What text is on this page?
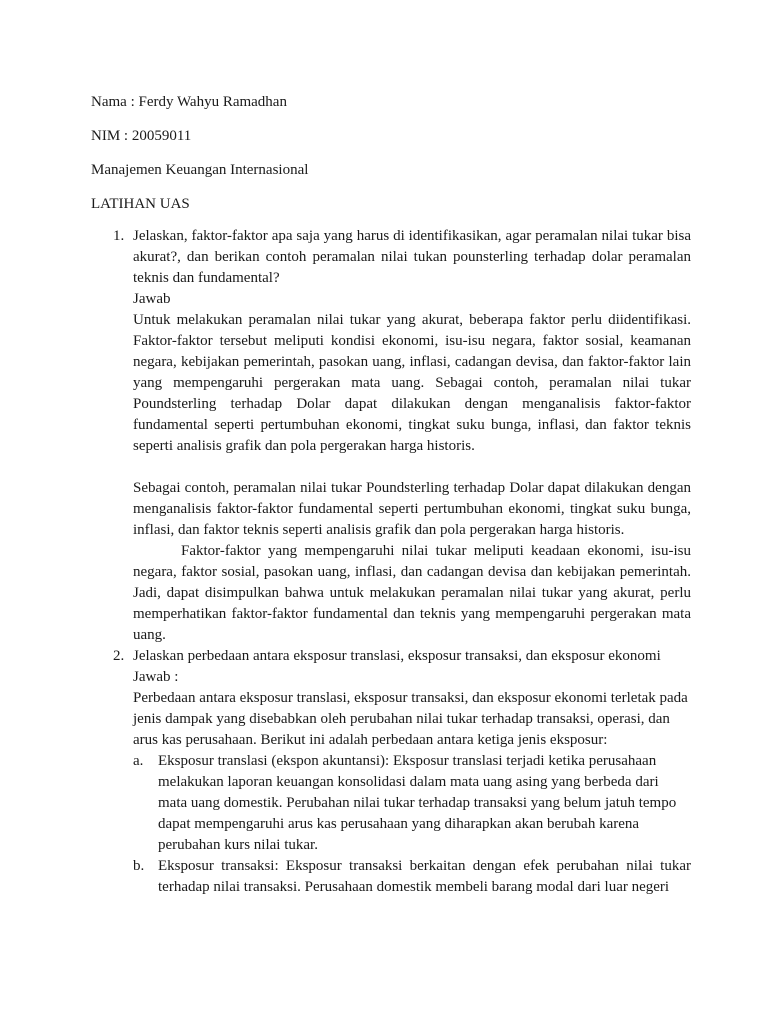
Nama : Ferdy Wahyu Ramadhan

NIM : 20059011

Manajemen Keuangan Internasional

LATIHAN UAS

1. Jelaskan, faktor-faktor apa saja yang harus di identifikasikan, agar peramalan nilai tukar bisa akurat?, dan berikan contoh peramalan nilai tukan pounsterling terhadap dolar peramalan teknis dan fundamental?

Jawab

Untuk melakukan peramalan nilai tukar yang akurat, beberapa faktor perlu diidentifikasi. Faktor-faktor tersebut meliputi kondisi ekonomi, isu-isu negara, faktor sosial, keamanan negara, kebijakan pemerintah, pasokan uang, inflasi, cadangan devisa, dan faktor-faktor lain yang mempengaruhi pergerakan mata uang. Sebagai contoh, peramalan nilai tukar Poundsterling terhadap Dolar dapat dilakukan dengan menganalisis faktor-faktor fundamental seperti pertumbuhan ekonomi, tingkat suku bunga, inflasi, dan faktor teknis seperti analisis grafik dan pola pergerakan harga historis.

Sebagai contoh, peramalan nilai tukar Poundsterling terhadap Dolar dapat dilakukan dengan menganalisis faktor-faktor fundamental seperti pertumbuhan ekonomi, tingkat suku bunga, inflasi, dan faktor teknis seperti analisis grafik dan pola pergerakan harga historis.

Faktor-faktor yang mempengaruhi nilai tukar meliputi keadaan ekonomi, isu-isu negara, faktor sosial, pasokan uang, inflasi, dan cadangan devisa dan kebijakan pemerintah. Jadi, dapat disimpulkan bahwa untuk melakukan peramalan nilai tukar yang akurat, perlu memperhatikan faktor-faktor fundamental dan teknis yang mempengaruhi pergerakan mata uang.

2. Jelaskan perbedaan antara eksposur translasi, eksposur transaksi, dan eksposur ekonomi

Jawab :

Perbedaan antara eksposur translasi, eksposur transaksi, dan eksposur ekonomi terletak pada jenis dampak yang disebabkan oleh perubahan nilai tukar terhadap transaksi, operasi, dan arus kas perusahaan. Berikut ini adalah perbedaan antara ketiga jenis eksposur:

a. Eksposur translasi (ekspon akuntansi): Eksposur translasi terjadi ketika perusahaan melakukan laporan keuangan konsolidasi dalam mata uang asing yang berbeda dari mata uang domestik. Perubahan nilai tukar terhadap transaksi yang belum jatuh tempo dapat mempengaruhi arus kas perusahaan yang diharapkan akan berubah karena perubahan kurs nilai tukar.

b. Eksposur transaksi: Eksposur transaksi berkaitan dengan efek perubahan nilai tukar terhadap nilai transaksi. Perusahaan domestik membeli barang modal dari luar negeri
